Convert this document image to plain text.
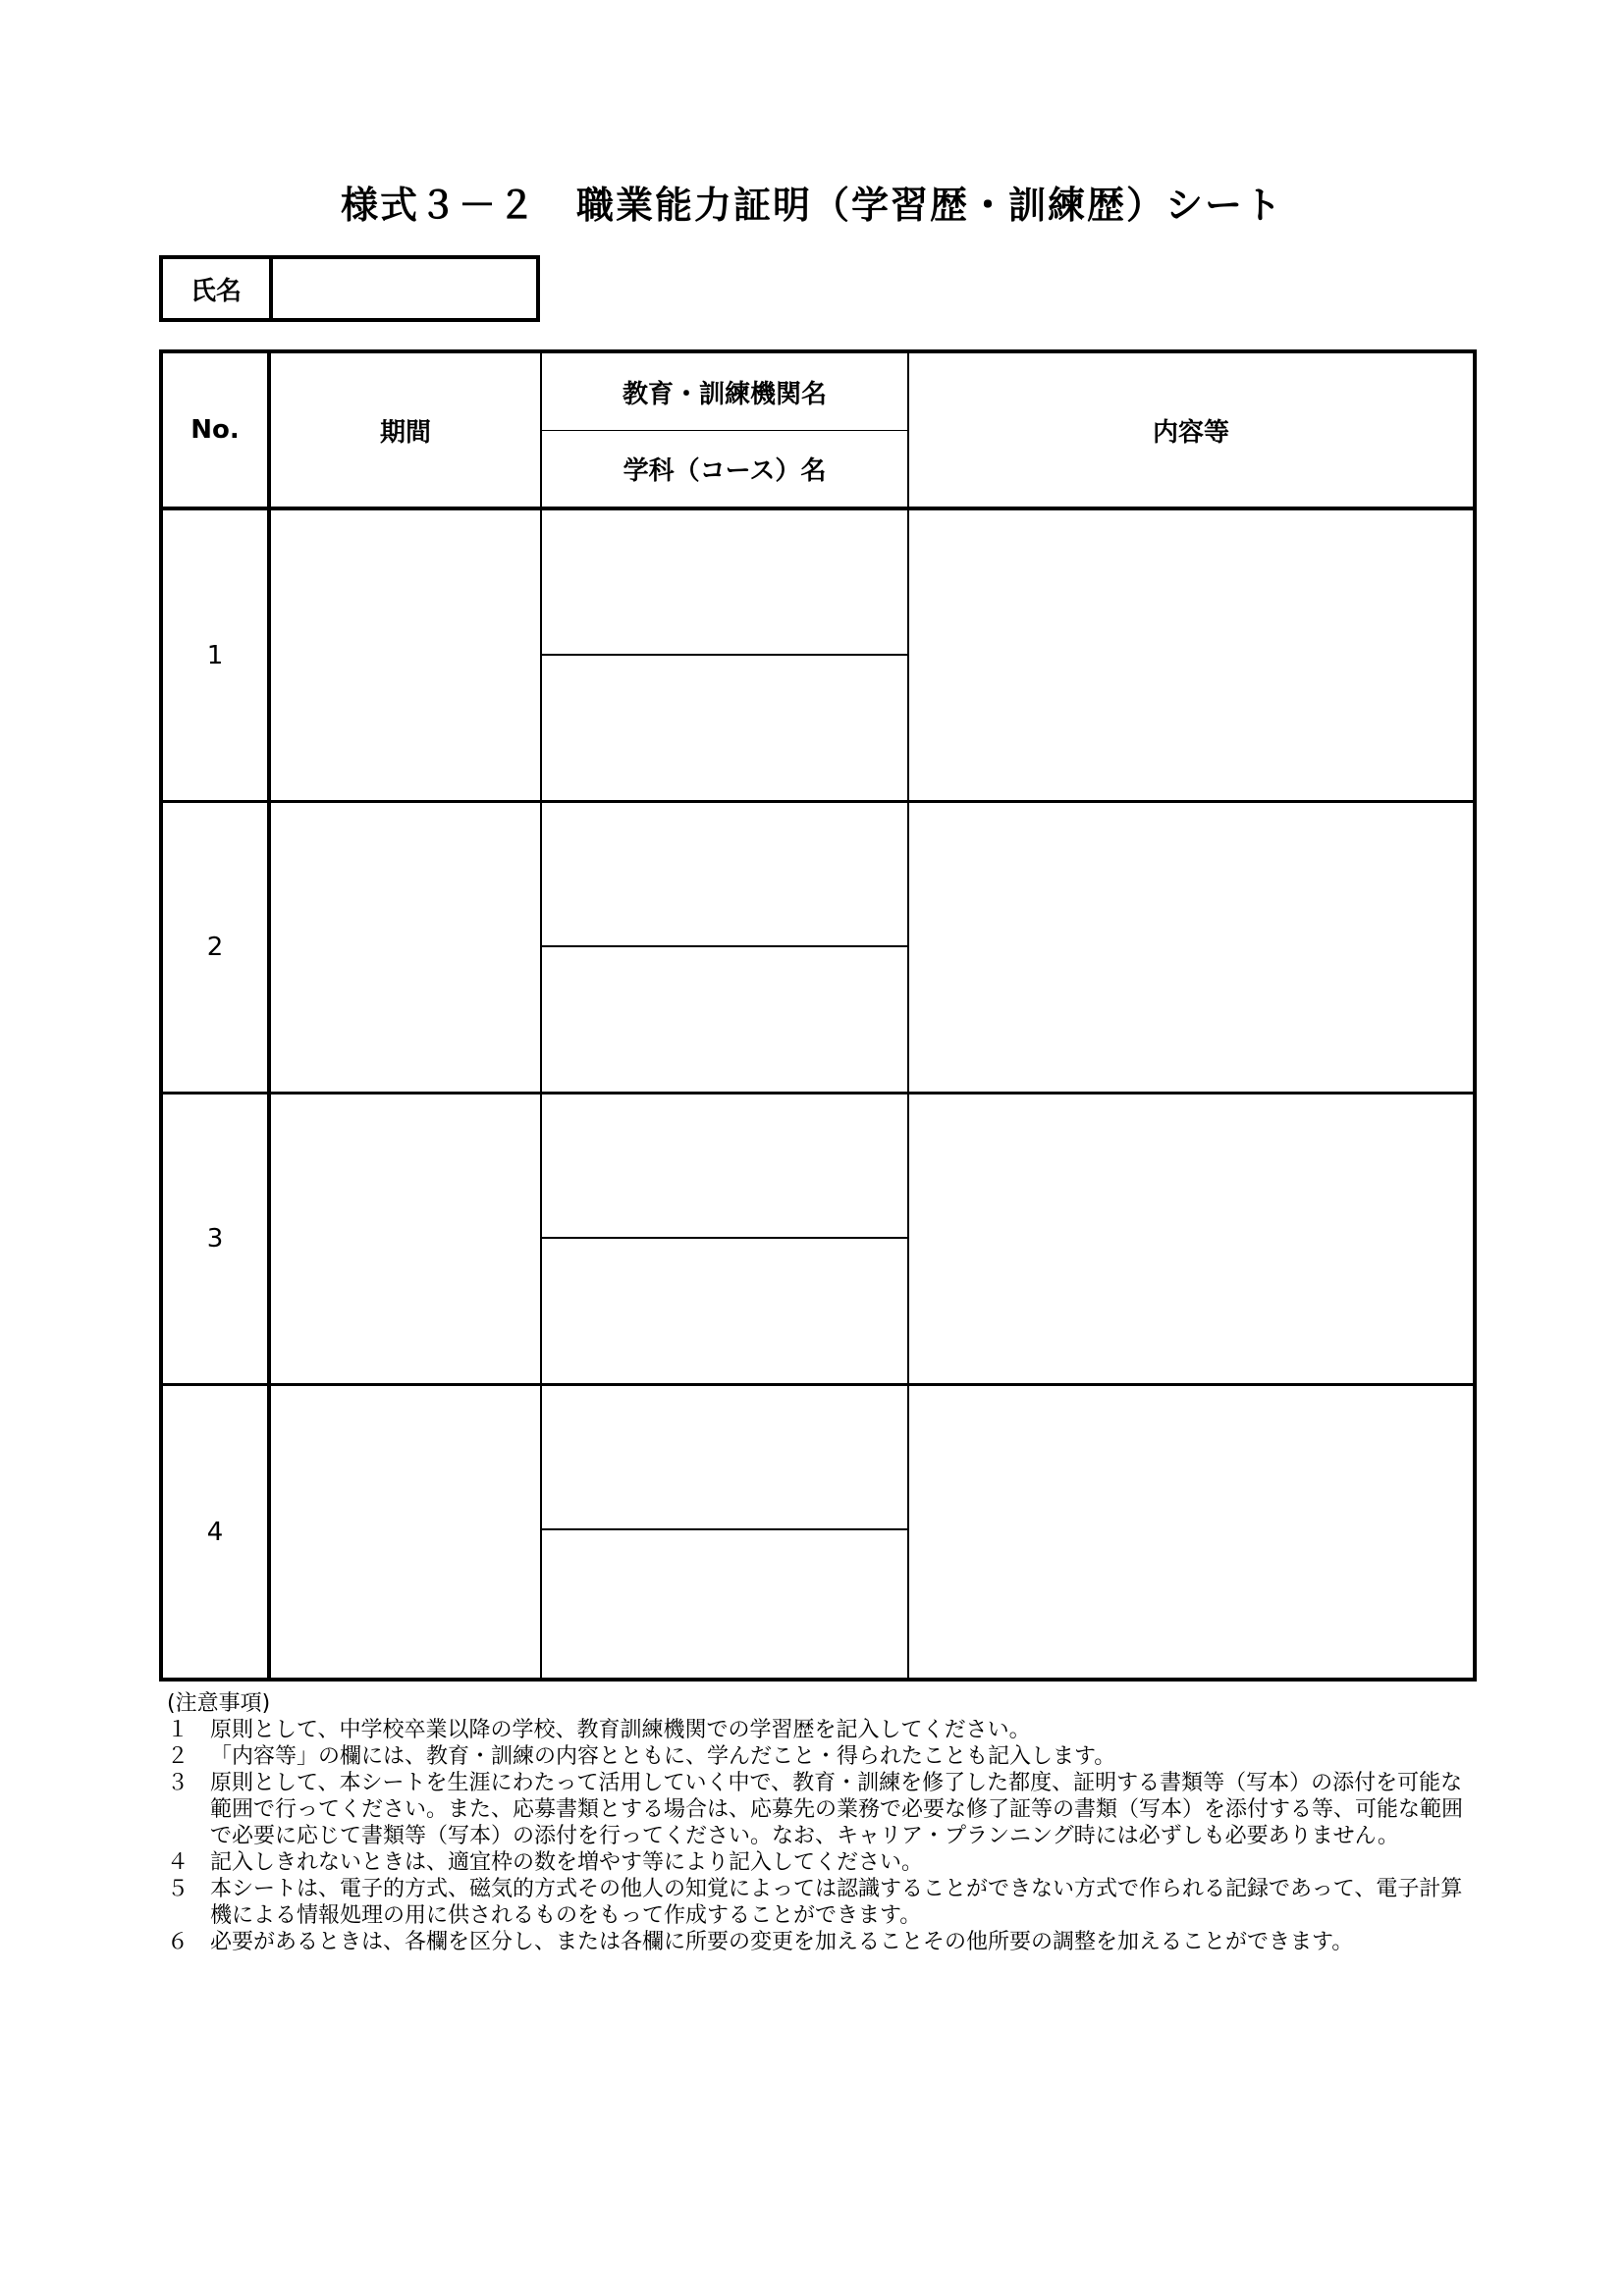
様式３－２　職業能力証明（学習歴・訓練歴）シート
氏名
No.	期間
教育・訓練機関名
学科（コース）名
内容等
1
2
3
4
(注意事項)
１ 原則として、中学校卒業以降の学校、教育訓練機関での学習歴を記入してください。
２ 「内容等」の欄には、教育・訓練の内容とともに、学んだこと・得られたことも記入します。
３ 原則として、本シートを生涯にわたって活用していく中で、教育・訓練を修了した都度、証明する書類等（写本）の添付を可能な範囲で行ってください。また、応募書類とする場合は、応募先の業務で必要な修了証等の書類（写本）を添付する等、可能な範囲で必要に応じて書類等（写本）の添付を行ってください。なお、キャリア・プランニング時には必ずしも必要ありません。
４ 記入しきれないときは、適宜枠の数を増やす等により記入してください。
５ 本シートは、電子的方式、磁気的方式その他人の知覚によっては認識することができない方式で作られる記録であって、電子計算機による情報処理の用に供されるものをもって作成することができます。
６ 必要があるときは、各欄を区分し、または各欄に所要の変更を加えることその他所要の調整を加えることができます。
